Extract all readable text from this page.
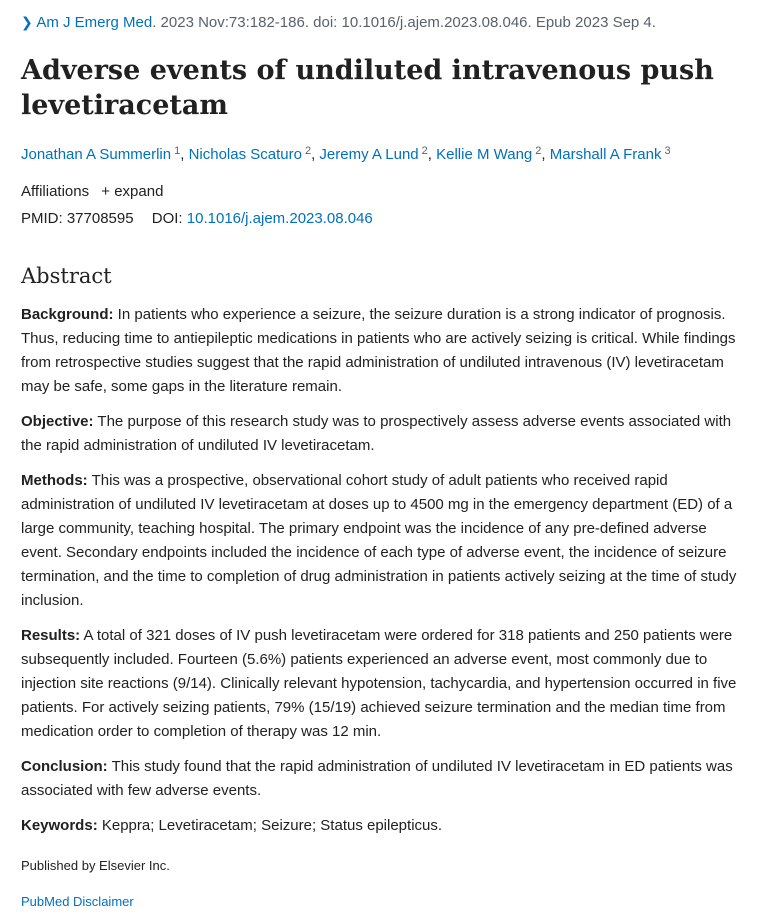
❯ Am J Emerg Med. 2023 Nov:73:182-186. doi: 10.1016/j.ajem.2023.08.046. Epub 2023 Sep 4.
Adverse events of undiluted intravenous push levetiracetam
Jonathan A Summerlin $^1$, Nicholas Scaturo $^2$, Jeremy A Lund $^2$, Kellie M Wang $^2$, Marshall A Frank $^3$
Affiliations + expand
PMID: 37708595 DOI: 10.1016/j.ajem.2023.08.046
Abstract

Background: In patients who experience a seizure, the seizure duration is a strong indicator of prognosis. Thus, reducing time to antiepileptic medications in patients who are actively seizing is critical. While findings from retrospective studies suggest that the rapid administration of undiluted intravenous (IV) levetiracetam may be safe, some gaps in the literature remain.

Objective: The purpose of this research study was to prospectively assess adverse events associated with the rapid administration of undiluted IV levetiracetam.

Methods: This was a prospective, observational cohort study of adult patients who received rapid administration of undiluted IV levetiracetam at doses up to 4500 mg in the emergency department (ED) of a large community, teaching hospital. The primary endpoint was the incidence of any pre-defined adverse event. Secondary endpoints included the incidence of each type of adverse event, the incidence of seizure termination, and the time to completion of drug administration in patients actively seizing at the time of study inclusion.

Results: A total of 321 doses of IV push levetiracetam were ordered for 318 patients and 250 patients were subsequently included. Fourteen (5.6%) patients experienced an adverse event, most commonly due to injection site reactions (9/14). Clinically relevant hypotension, tachycardia, and hypertension occurred in five patients. For actively seizing patients, 79% (15/19) achieved seizure termination and the median time from medication order to completion of therapy was 12 min.

Conclusion: This study found that the rapid administration of undiluted IV levetiracetam in ED patients was associated with few adverse events.

Keywords: Keppra; Levetiracetam; Seizure; Status epilepticus.

Published by Elsevier Inc.
PubMed Disclaimer
